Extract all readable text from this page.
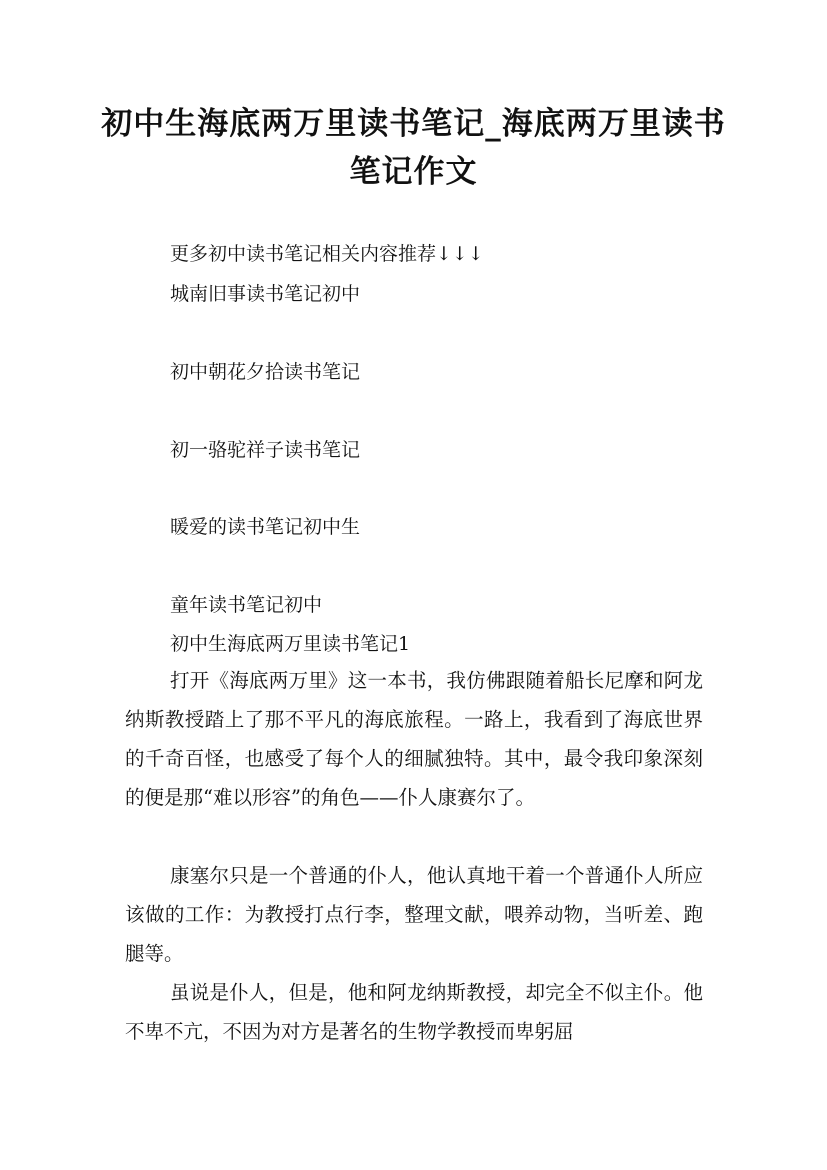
初中生海底两万里读书笔记_海底两万里读书笔记作文
更多初中读书笔记相关内容推荐↓↓↓
城南旧事读书笔记初中
初中朝花夕拾读书笔记
初一骆驼祥子读书笔记
暖爱的读书笔记初中生
童年读书笔记初中
初中生海底两万里读书笔记1
打开《海底两万里》这一本书，我仿佛跟随着船长尼摩和阿龙纳斯教授踏上了那不平凡的海底旅程。一路上，我看到了海底世界的千奇百怪，也感受了每个人的细腻独特。其中，最令我印象深刻的便是那“难以形容”的角色——仆人康赛尔了。
康塞尔只是一个普通的仆人，他认真地干着一个普通仆人所应该做的工作：为教授打点行李，整理文献，喂养动物，当听差、跑腿等。
虽说是仆人，但是，他和阿龙纳斯教授，却完全不似主仆。他不卑不亢，不因为对方是著名的生物学教授而卑躬屈
